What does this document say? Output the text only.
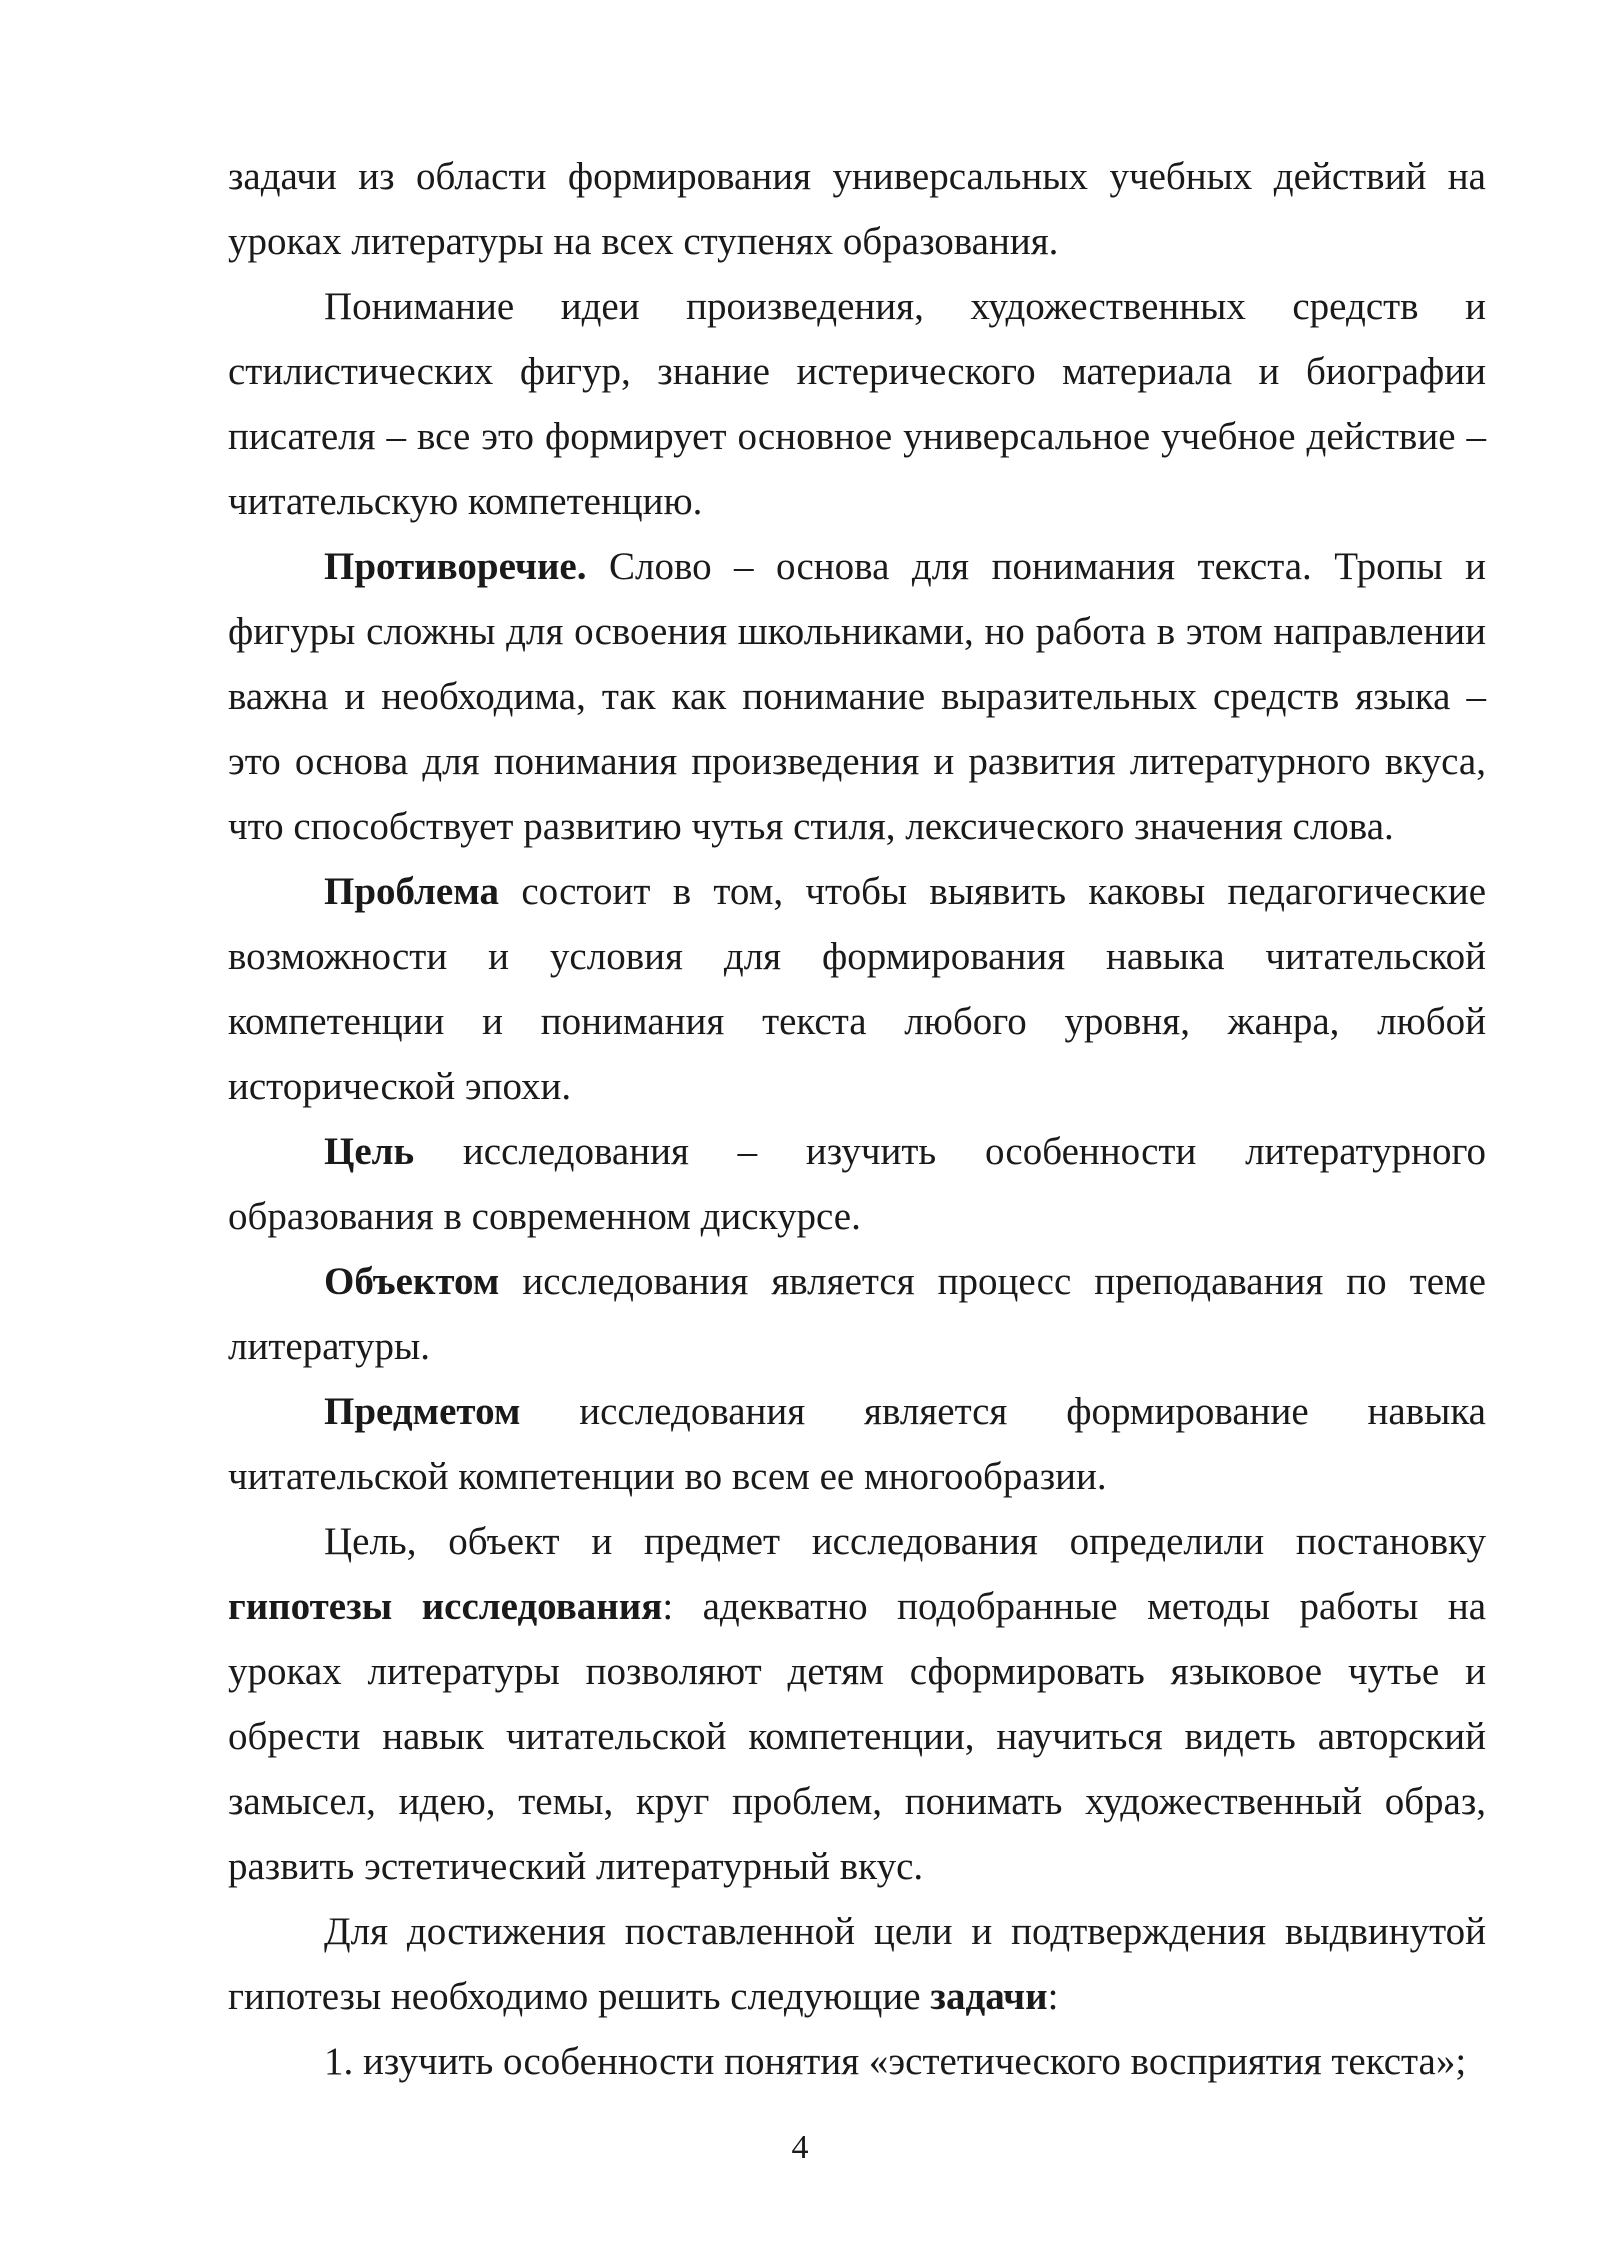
задачи из области формирования универсальных учебных действий на уроках литературы на всех ступенях образования.

Понимание идеи произведения, художественных средств и стилистических фигур, знание истерического материала и биографии писателя – все это формирует основное универсальное учебное действие – читательскую компетенцию.

Противоречие. Слово – основа для понимания текста. Тропы и фигуры сложны для освоения школьниками, но работа в этом направлении важна и необходима, так как понимание выразительных средств языка – это основа для понимания произведения и развития литературного вкуса, что способствует развитию чутья стиля, лексического значения слова.

Проблема состоит в том, чтобы выявить каковы педагогические возможности и условия для формирования навыка читательской компетенции и понимания текста любого уровня, жанра, любой исторической эпохи.

Цель исследования – изучить особенности литературного образования в современном дискурсе.

Объектом исследования является процесс преподавания по теме литературы.

Предметом исследования является формирование навыка читательской компетенции во всем ее многообразии.

Цель, объект и предмет исследования определили постановку гипотезы исследования: адекватно подобранные методы работы на уроках литературы позволяют детям сформировать языковое чутье и обрести навык читательской компетенции, научиться видеть авторский замысел, идею, темы, круг проблем, понимать художественный образ, развить эстетический литературный вкус.

Для достижения поставленной цели и подтверждения выдвинутой гипотезы необходимо решить следующие задачи:

1. изучить особенности понятия «эстетического восприятия текста»;

4
